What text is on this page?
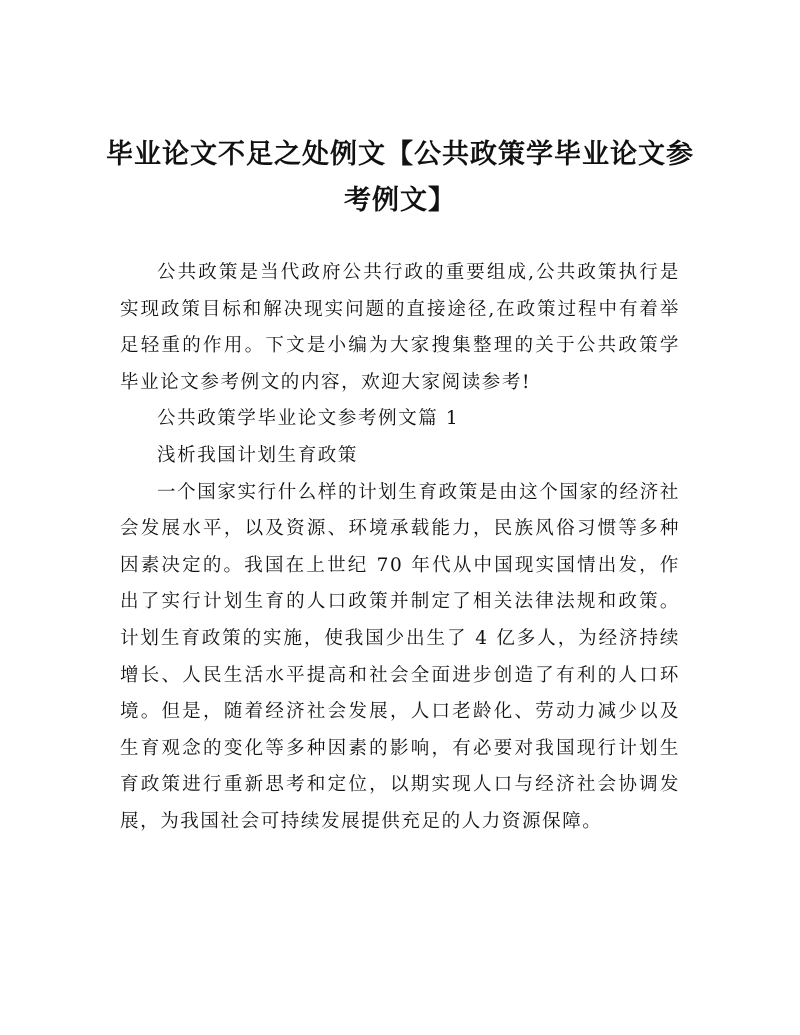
毕业论文不足之处例文【公共政策学毕业论文参考例文】

公共政策是当代政府公共行政的重要组成,公共政策执行是实现政策目标和解决现实问题的直接途径,在政策过程中有着举足轻重的作用。下文是小编为大家搜集整理的关于公共政策学毕业论文参考例文的内容，欢迎大家阅读参考!

公共政策学毕业论文参考例文篇 1

浅析我国计划生育政策

一个国家实行什么样的计划生育政策是由这个国家的经济社会发展水平，以及资源、环境承载能力，民族风俗习惯等多种因素决定的。我国在上世纪 70 年代从中国现实国情出发，作出了实行计划生育的人口政策并制定了相关法律法规和政策。计划生育政策的实施，使我国少出生了 4 亿多人，为经济持续增长、人民生活水平提高和社会全面进步创造了有利的人口环境。但是，随着经济社会发展，人口老龄化、劳动力减少以及生育观念的变化等多种因素的影响，有必要对我国现行计划生育政策进行重新思考和定位，以期实现人口与经济社会协调发展，为我国社会可持续发展提供充足的人力资源保障。
